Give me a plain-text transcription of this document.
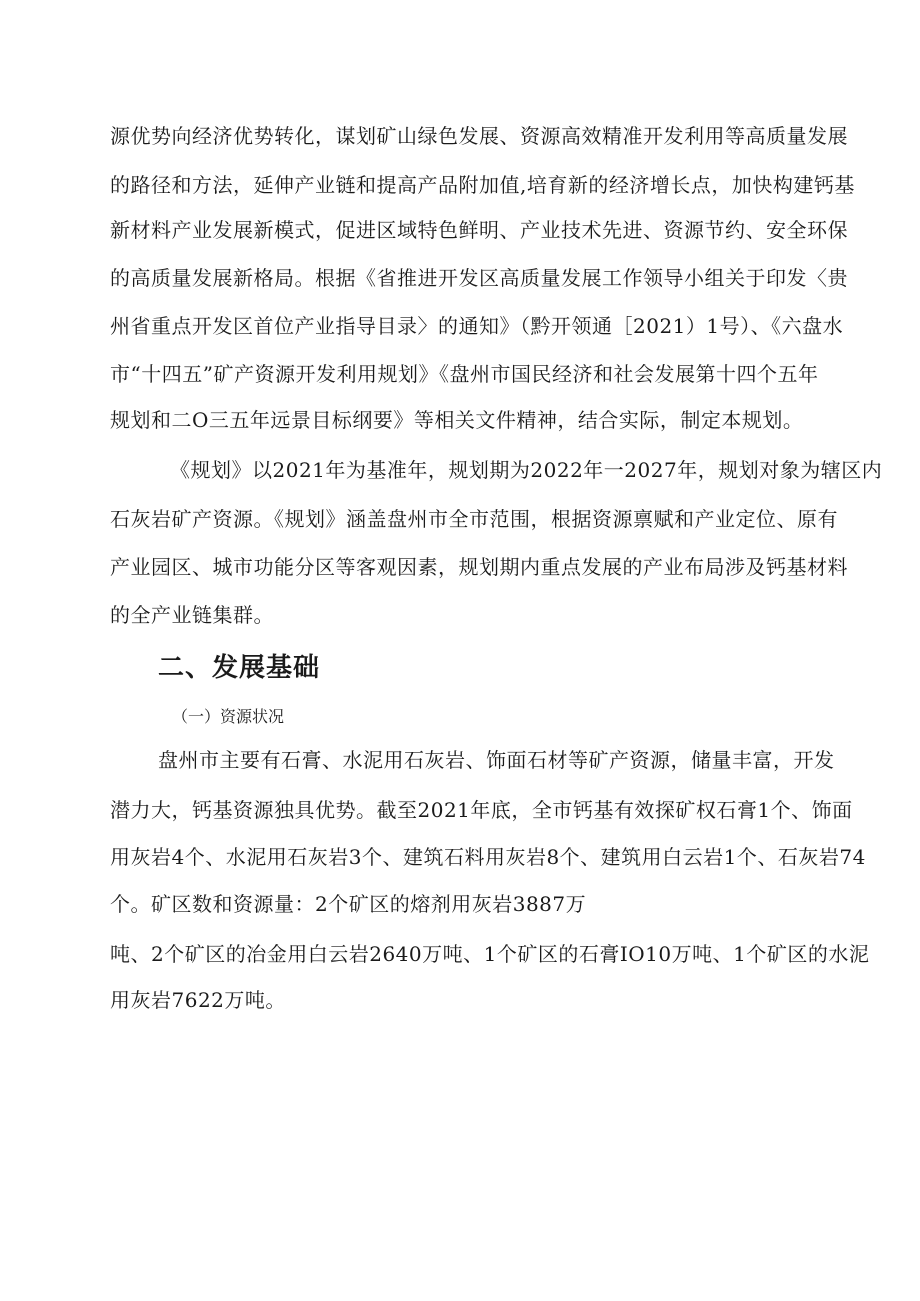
源优势向经济优势转化，谋划矿山绿色发展、资源高效精准开发利用等高质量发展
的路径和方法，延伸产业链和提高产品附加值,培育新的经济增长点，加快构建钙基
新材料产业发展新模式，促进区域特色鲜明、产业技术先进、资源节约、安全环保
的高质量发展新格局。根据《省推进开发区高质量发展工作领导小组关于印发〈贵
州省重点开发区首位产业指导目录〉的通知》（黔开领通［2021）1号）、《六盘水
市“十四五”矿产资源开发利用规划》《盘州市国民经济和社会发展第十四个五年
规划和二O三五年远景目标纲要》等相关文件精神，结合实际，制定本规划。
《规划》以2021年为基准年，规划期为2022年一2027年，规划对象为辖区内
石灰岩矿产资源。《规划》涵盖盘州市全市范围，根据资源禀赋和产业定位、原有
产业园区、城市功能分区等客观因素，规划期内重点发展的产业布局涉及钙基材料
的全产业链集群。
二、发展基础
（一）资源状况
盘州市主要有石膏、水泥用石灰岩、饰面石材等矿产资源，储量丰富，开发
潜力大，钙基资源独具优势。截至2021年底，全市钙基有效探矿权石膏1个、饰面
用灰岩4个、水泥用石灰岩3个、建筑石料用灰岩8个、建筑用白云岩1个、石灰岩74
个。矿区数和资源量：2个矿区的熔剂用灰岩3887万
吨、2个矿区的冶金用白云岩2640万吨、1个矿区的石膏IO10万吨、1个矿区的水泥
用灰岩7622万吨。
